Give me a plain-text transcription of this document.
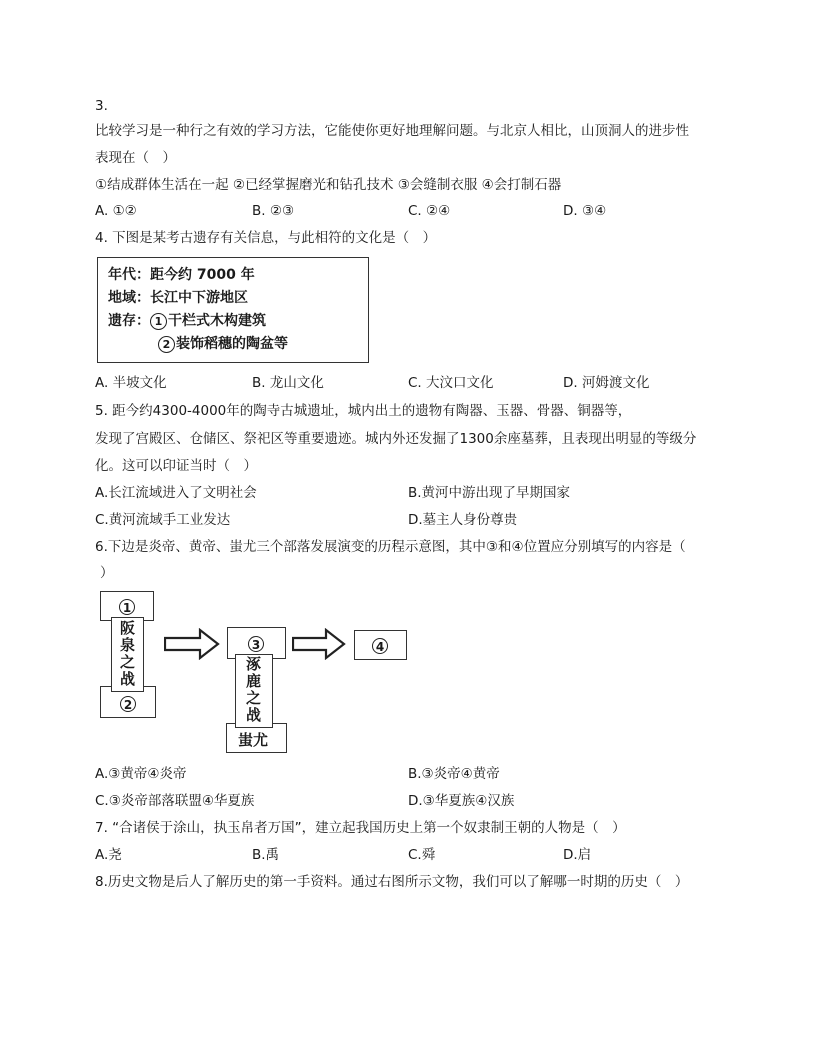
3.
比较学习是一种行之有效的学习方法，它能使你更好地理解问题。与北京人相比，山顶洞人的进步性
表现在（　）
①结成群体生活在一起 ②已经掌握磨光和钻孔技术 ③会缝制衣服 ④会打制石器
A. ①②	B. ②③	C. ②④	D. ③④
4. 下图是某考古遗存有关信息，与此相符的文化是（　）
年代：距今约 7000 年
地域：长江中下游地区
遗存： 1 干栏式木构建筑
2 装饰稻穗的陶盆等
A. 半坡文化	B. 龙山文化	C. 大汶口文化	D. 河姆渡文化
5. 距今约4300-4000年的陶寺古城遗址，城内出土的遗物有陶器、玉器、骨器、铜器等，
发现了宫殿区、仓储区、祭祀区等重要遗迹。城内外还发掘了1300余座墓葬，且表现出明显的等级分
化。这可以印证当时（　）
A.长江流域进入了文明社会	B.黄河中游出现了早期国家
C.黄河流域手工业发达	D.墓主人身份尊贵
6.下边是炎帝、黄帝、蚩尤三个部落发展演变的历程示意图，其中③和④位置应分别填写的内容是（
）
1
2
阪泉之战	3
蚩尤
涿鹿之战
4
A.③黄帝④炎帝	B.③炎帝④黄帝
C.③炎帝部落联盟④华夏族	D.③华夏族④汉族
7. “合诸侯于涂山，执玉帛者万国”，建立起我国历史上第一个奴隶制王朝的人物是（　）
A.尧	B.禹	C.舜	D.启
8.历史文物是后人了解历史的第一手资料。通过右图所示文物，我们可以了解哪一时期的历史（　）
